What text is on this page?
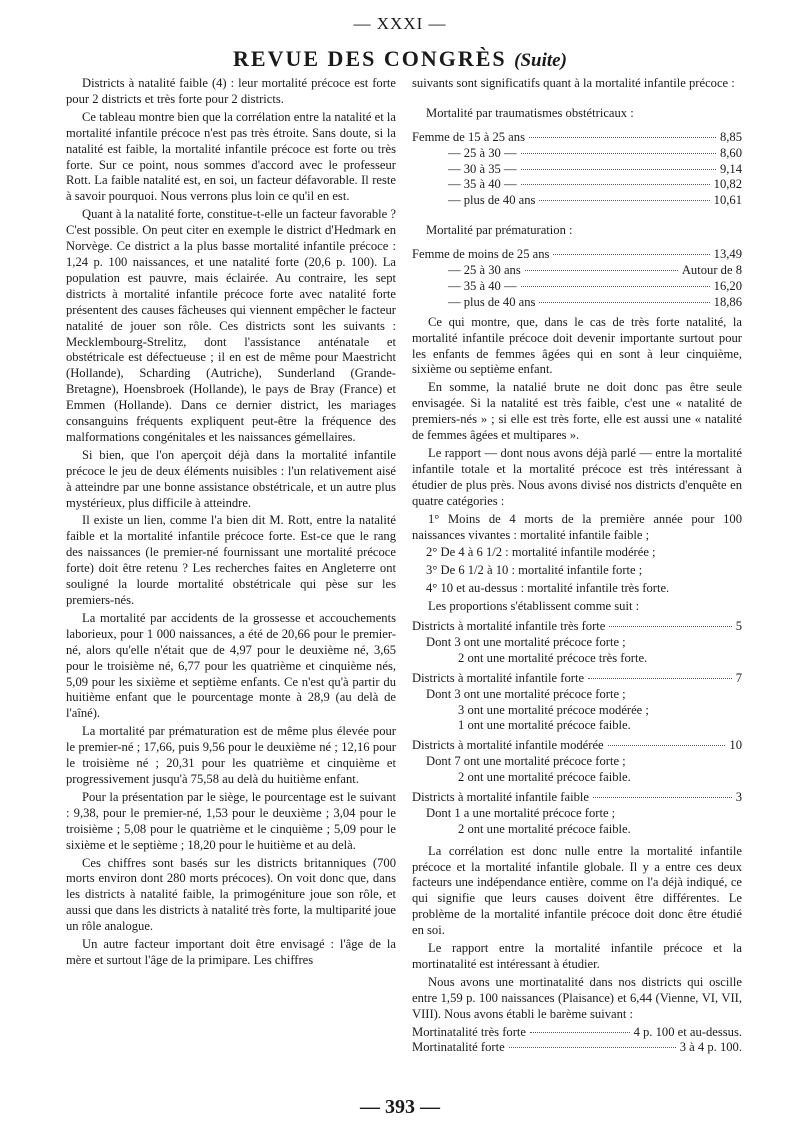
— XXXI —
REVUE DES CONGRÈS (Suite)

Districts à natalité faible (4) : leur mortalité précoce est forte pour 2 districts et très forte pour 2 districts.

Ce tableau montre bien que la corrélation entre la natalité et la mortalité infantile précoce n'est pas très étroite. Sans doute, si la natalité est faible, la mortalité infantile précoce est forte ou très forte. Sur ce point, nous sommes d'accord avec le professeur Rott. La faible natalité est, en soi, un facteur défavorable. Il reste à savoir pourquoi. Nous verrons plus loin ce qu'il en est.

Quant à la natalité forte, constitue-t-elle un facteur favorable ? C'est possible. On peut citer en exemple le district d'Hedmark en Norvège. Ce district a la plus basse mortalité infantile précoce : 1,24 p. 100 naissances, et une natalité forte (20,6 p. 100). La population est pauvre, mais éclairée. Au contraire, les sept districts à mortalité infantile précoce forte avec natalité forte présentent des causes fâcheuses qui viennent empêcher le facteur natalité de jouer son rôle. Ces districts sont les suivants : Mecklembourg-Strelitz, dont l'assistance anténatale et obstétricale est défectueuse ; il en est de même pour Maestricht (Hollande), Scharding (Autriche), Sunderland (Grande-Bretagne), Hoensbroek (Hollande), le pays de Bray (France) et Emmen (Hollande). Dans ce dernier district, les mariages consanguins fréquents expliquent peut-être la fréquence des malformations congénitales et les naissances gémellaires.

Si bien, que l'on aperçoit déjà dans la mortalité infantile précoce le jeu de deux éléments nuisibles : l'un relativement aisé à atteindre par une bonne assistance obstétricale, et un autre plus mystérieux, plus difficile à atteindre.

Il existe un lien, comme l'a bien dit M. Rott, entre la natalité faible et la mortalité infantile précoce forte. Est-ce que le rang des naissances (le premier-né fournissant une mortalité précoce forte) doit être retenu ? Les recherches faites en Angleterre ont souligné la lourde mortalité obstétricale qui pèse sur les premiers-nés.

La mortalité par accidents de la grossesse et accouchements laborieux, pour 1 000 naissances, a été de 20,66 pour le premier-né, alors qu'elle n'était que de 4,97 pour le deuxième né, 3,65 pour le troisième né, 6,77 pour les quatrième et cinquième nés, 5,09 pour les sixième et septième enfants. Ce n'est qu'à partir du huitième enfant que le pourcentage monte à 28,9 (au delà de l'aîné).

La mortalité par prématuration est de même plus élevée pour le premier-né ; 17,66, puis 9,56 pour le deuxième né ; 12,16 pour le troisième né ; 20,31 pour les quatrième et cinquième et progressivement jusqu'à 75,58 au delà du huitième enfant.

Pour la présentation par le siège, le pourcentage est le suivant : 9,38, pour le premier-né, 1,53 pour le deuxième ; 3,04 pour le troisième ; 5,08 pour le quatrième et le cinquième ; 5,09 pour le sixième et le septième ; 18,20 pour le huitième et au delà.

Ces chiffres sont basés sur les districts britanniques (700 morts environ dont 280 morts précoces). On voit donc que, dans les districts à natalité faible, la primogéniture joue son rôle, et aussi que dans les districts à natalité très forte, la multiparité joue un rôle analogue.

Un autre facteur important doit être envisagé : l'âge de la mère et surtout l'âge de la primipare. Les chiffres

suivants sont significatifs quant à la mortalité infantile précoce :

Mortalité par traumatismes obstétricaux :
Femme de 15 à 25 ans	8,85
— 25 à 30 —	8,60
— 30 à 35 —	9,14
— 35 à 40 —	10,82
— plus de 40 ans	10,61
Mortalité par prématuration :
Femme de moins de 25 ans	13,49
— 25 à 30 ans	Autour de 8
— 35 à 40 —	16,20
— plus de 40 ans	18,86

Ce qui montre, que, dans le cas de très forte natalité, la mortalité infantile précoce doit devenir importante surtout pour les enfants de femmes âgées qui en sont à leur cinquième, sixième ou septième enfant.

En somme, la natalié brute ne doit donc pas être seule envisagée. Si la natalité est très faible, c'est une « natalité de premiers-nés » ; si elle est très forte, elle est aussi une « natalité de femmes âgées et multipares ».

Le rapport — dont nous avons déjà parlé — entre la mortalité infantile totale et la mortalité précoce est très intéressant à étudier de plus près. Nous avons divisé nos districts d'enquête en quatre catégories :

1° Moins de 4 morts de la première année pour 100 naissances vivantes : mortalité infantile faible ;

2° De 4 à 6 1/2 : mortalité infantile modérée ;

3° De 6 1/2 à 10 : mortalité infantile forte ;

4° 10 et au-dessus : mortalité infantile très forte.

Les proportions s'établissent comme suit :

Districts à mortalité infantile très forte	5
Dont 3 ont une mortalité précoce forte ;
2 ont une mortalité précoce très forte.
Districts à mortalité infantile forte	7
Dont 3 ont une mortalité précoce forte ;
3 ont une mortalité précoce modérée ;
1 ont une mortalité précoce faible.
Districts à mortalité infantile modérée	10
Dont 7 ont une mortalité précoce forte ;
2 ont une mortalité précoce faible.
Districts à mortalité infantile faible	3
Dont 1 a une mortalité précoce forte ;
2 ont une mortalité précoce faible.

La corrélation est donc nulle entre la mortalité infantile précoce et la mortalité infantile globale. Il y a entre ces deux facteurs une indépendance entière, comme on l'a déjà indiqué, ce qui signifie que leurs causes doivent être différentes. Le problème de la mortalité infantile précoce doit donc être étudié en soi.

Le rapport entre la mortalité infantile précoce et la mortinatalité est intéressant à étudier.

Nous avons une mortinatalité dans nos districts qui oscille entre 1,59 p. 100 naissances (Plaisance) et 6,44 (Vienne, VI, VII, VIII). Nous avons établi le barème suivant :

Mortinatalité très forte	4 p. 100 et au-dessus.
Mortinatalité forte	3 à 4 p. 100.
— 393 —
